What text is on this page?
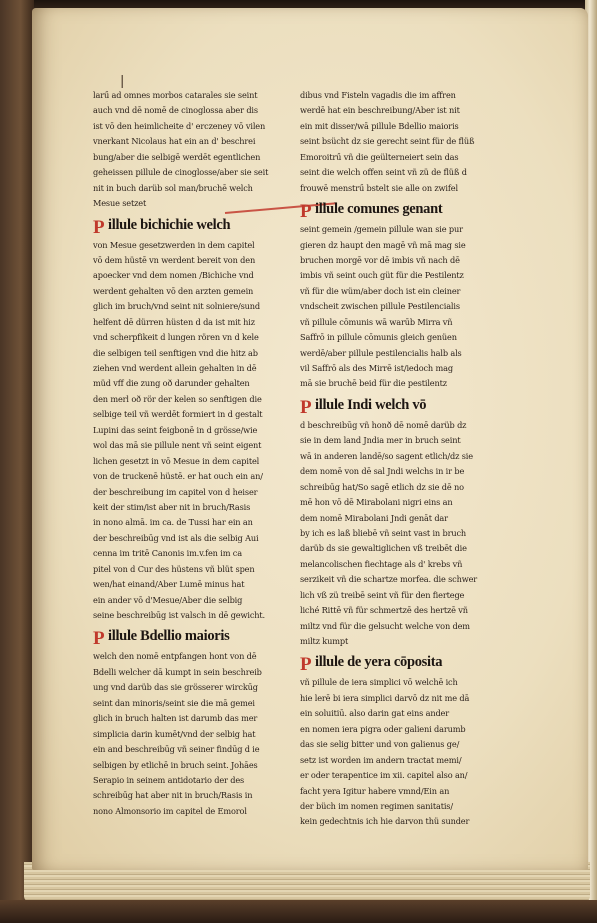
|
larű ad omnes morbos catarales sie seint
auch vnd dē nomē de cinoglossa aber dis
ist vō den heimlicheite d' erczeney vō vilen
vnerkant Nicolaus hat ein an d' beschrei
bung/aber die selbigē werdēt egentlichen
geheissen pillule de cinoglosse/aber sie seit
nit in buch darüb sol man/bruchē welch
Mesue setzet
P illule bichichie welch
von Mesue gesetzwerden in dem capitel
vō dem hüstē vn werdent bereit von den
apoecker vnd dem nomen /Bichiche vnd
werdent gehalten vō den arzten gemein
glich im bruch/vnd seint nit solniere/sund
helfent dē dürren hüsten d da ist mit hiz
vnd scherpfikeit d lungen rören vn d kele
die selbigen teil senftigen vnd die hitz ab
ziehen vnd werdent allein gehalten in dē
müd vff die zung oð darunder gehalten
den merl oð rör der kelen so senftigen die
selbige teil vñ werdēt formiert in d gestalt
Lupini das seint feigbonē in d grösse/wie
wol das mā sie pillule nent vñ seint eigent
lichen gesetzt in vō Mesue in dem capitel
von de truckenē hüstē. er hat ouch ein an/
der beschreibung im capitel von d heiser
keit der stim/ist aber nit in bruch/Rasis
in nono almā. im ca. de Tussi har ein an
der beschreibūg vnd ist als die selbig Aui
cenna im tritē Canonis im.v.fen im ca
pitel von d Cur des hüstens vñ blüt spen
wen/hat einand/Aber Lumē minus hat
ein ander vō d'Mesue/Aber die selbig
seine beschreibūg ist valsch in dē gewicht.
P illule Bdellio maioris
welch den nomē entpfangen hont von dē
Bdelli welcher dā kumpt in sein beschreib
ung vnd darüb das sie grösserer wirckūg
seint dan minoris/seint sie die mā gemei
glich in bruch halten ist darumb das mer
simplicia darin kumēt/vnd der selbig hat
ein and beschreibūg vñ seiner findūg d ie
selbigen by etlichē in bruch seint. Johāes
Serapio in seinem antidotario der des
schreibūg hat aber nit in bruch/Rasis in
nono Almonsorio im capitel de Emorol
dibus vnd Fisteln vagadis die im affren
werdē hat ein beschreibung/Aber ist nit
ein mit disser/wā pillule Bdellio maioris
seint bsücht dz sie gerecht seint für de flüß
Emoroitrű vñ die geülterneiert sein das
seint die welch offen seint vñ zü de flüß d
frouwē menstrű bstelt sie alle on zwifel
P illule comunes genant
seint gemein /gemein pillule wan sie pur
gieren dz haupt den magē vñ mā mag sie
bruchen morgē vor dē imbis vñ nach dē
imbis vñ seint ouch güt für die Pestilentz
vñ für die wüm/aber doch ist ein cleiner
vndscheit zwischen pillule Pestilencialis
vñ pillule cōmunis wā warūb Mirra vñ
Saffrō in pillule cōmunis gleich genüen
werdē/aber pillule pestilencialis halb als
vil Saffrō als des Mirrē ist/iedoch mag
mā sie bruchē beid für die pestilentz
P illule Indi welch vō
d beschreibūg vñ honð dē nomē darüb dz
sie in dem land Jndia mer in bruch seint
wā in anderen landē/so sagent etlich/dz sie
dem nomē von dē sal Jndi welchs in ir be
schreibūg hat/So sagē etlich dz sie dē no
mē hon vō dē Mirabolani nigri eins an
dem nomē Mirabolani Jndi genāt dar
by ich es laß bliebē vñ seint vast in bruch
darüb ds sie gewaltiglichen vß treibēt die
melancolischen fiechtage als d' krebs vñ
serzikeit vñ die schartze morfea. die schwer
lich vß zü treibē seint vñ für den fiertege
liché Rittē vñ für schmertzē des hertzē vñ
miltz vnd für die gelsucht welche von dem
miltz kumpt
P illule de yera cōposita
vñ pillule de iera simplici vō welchē ich
hie lerē bi iera simplici darvō dz nit me dā
ein soluitiū. also darin gat eins ander
en nomen iera pigra oder galieni darumb
das sie selig bitter und von galienus ge/
setz ist worden im andern tractat memi/
er oder terapentice im xii. capitel also an/
facht yera Igitur habere vmnd/Ein an
der büch im nomen regimen sanitatis/
kein gedechtnis ich hie darvon thü sunder
